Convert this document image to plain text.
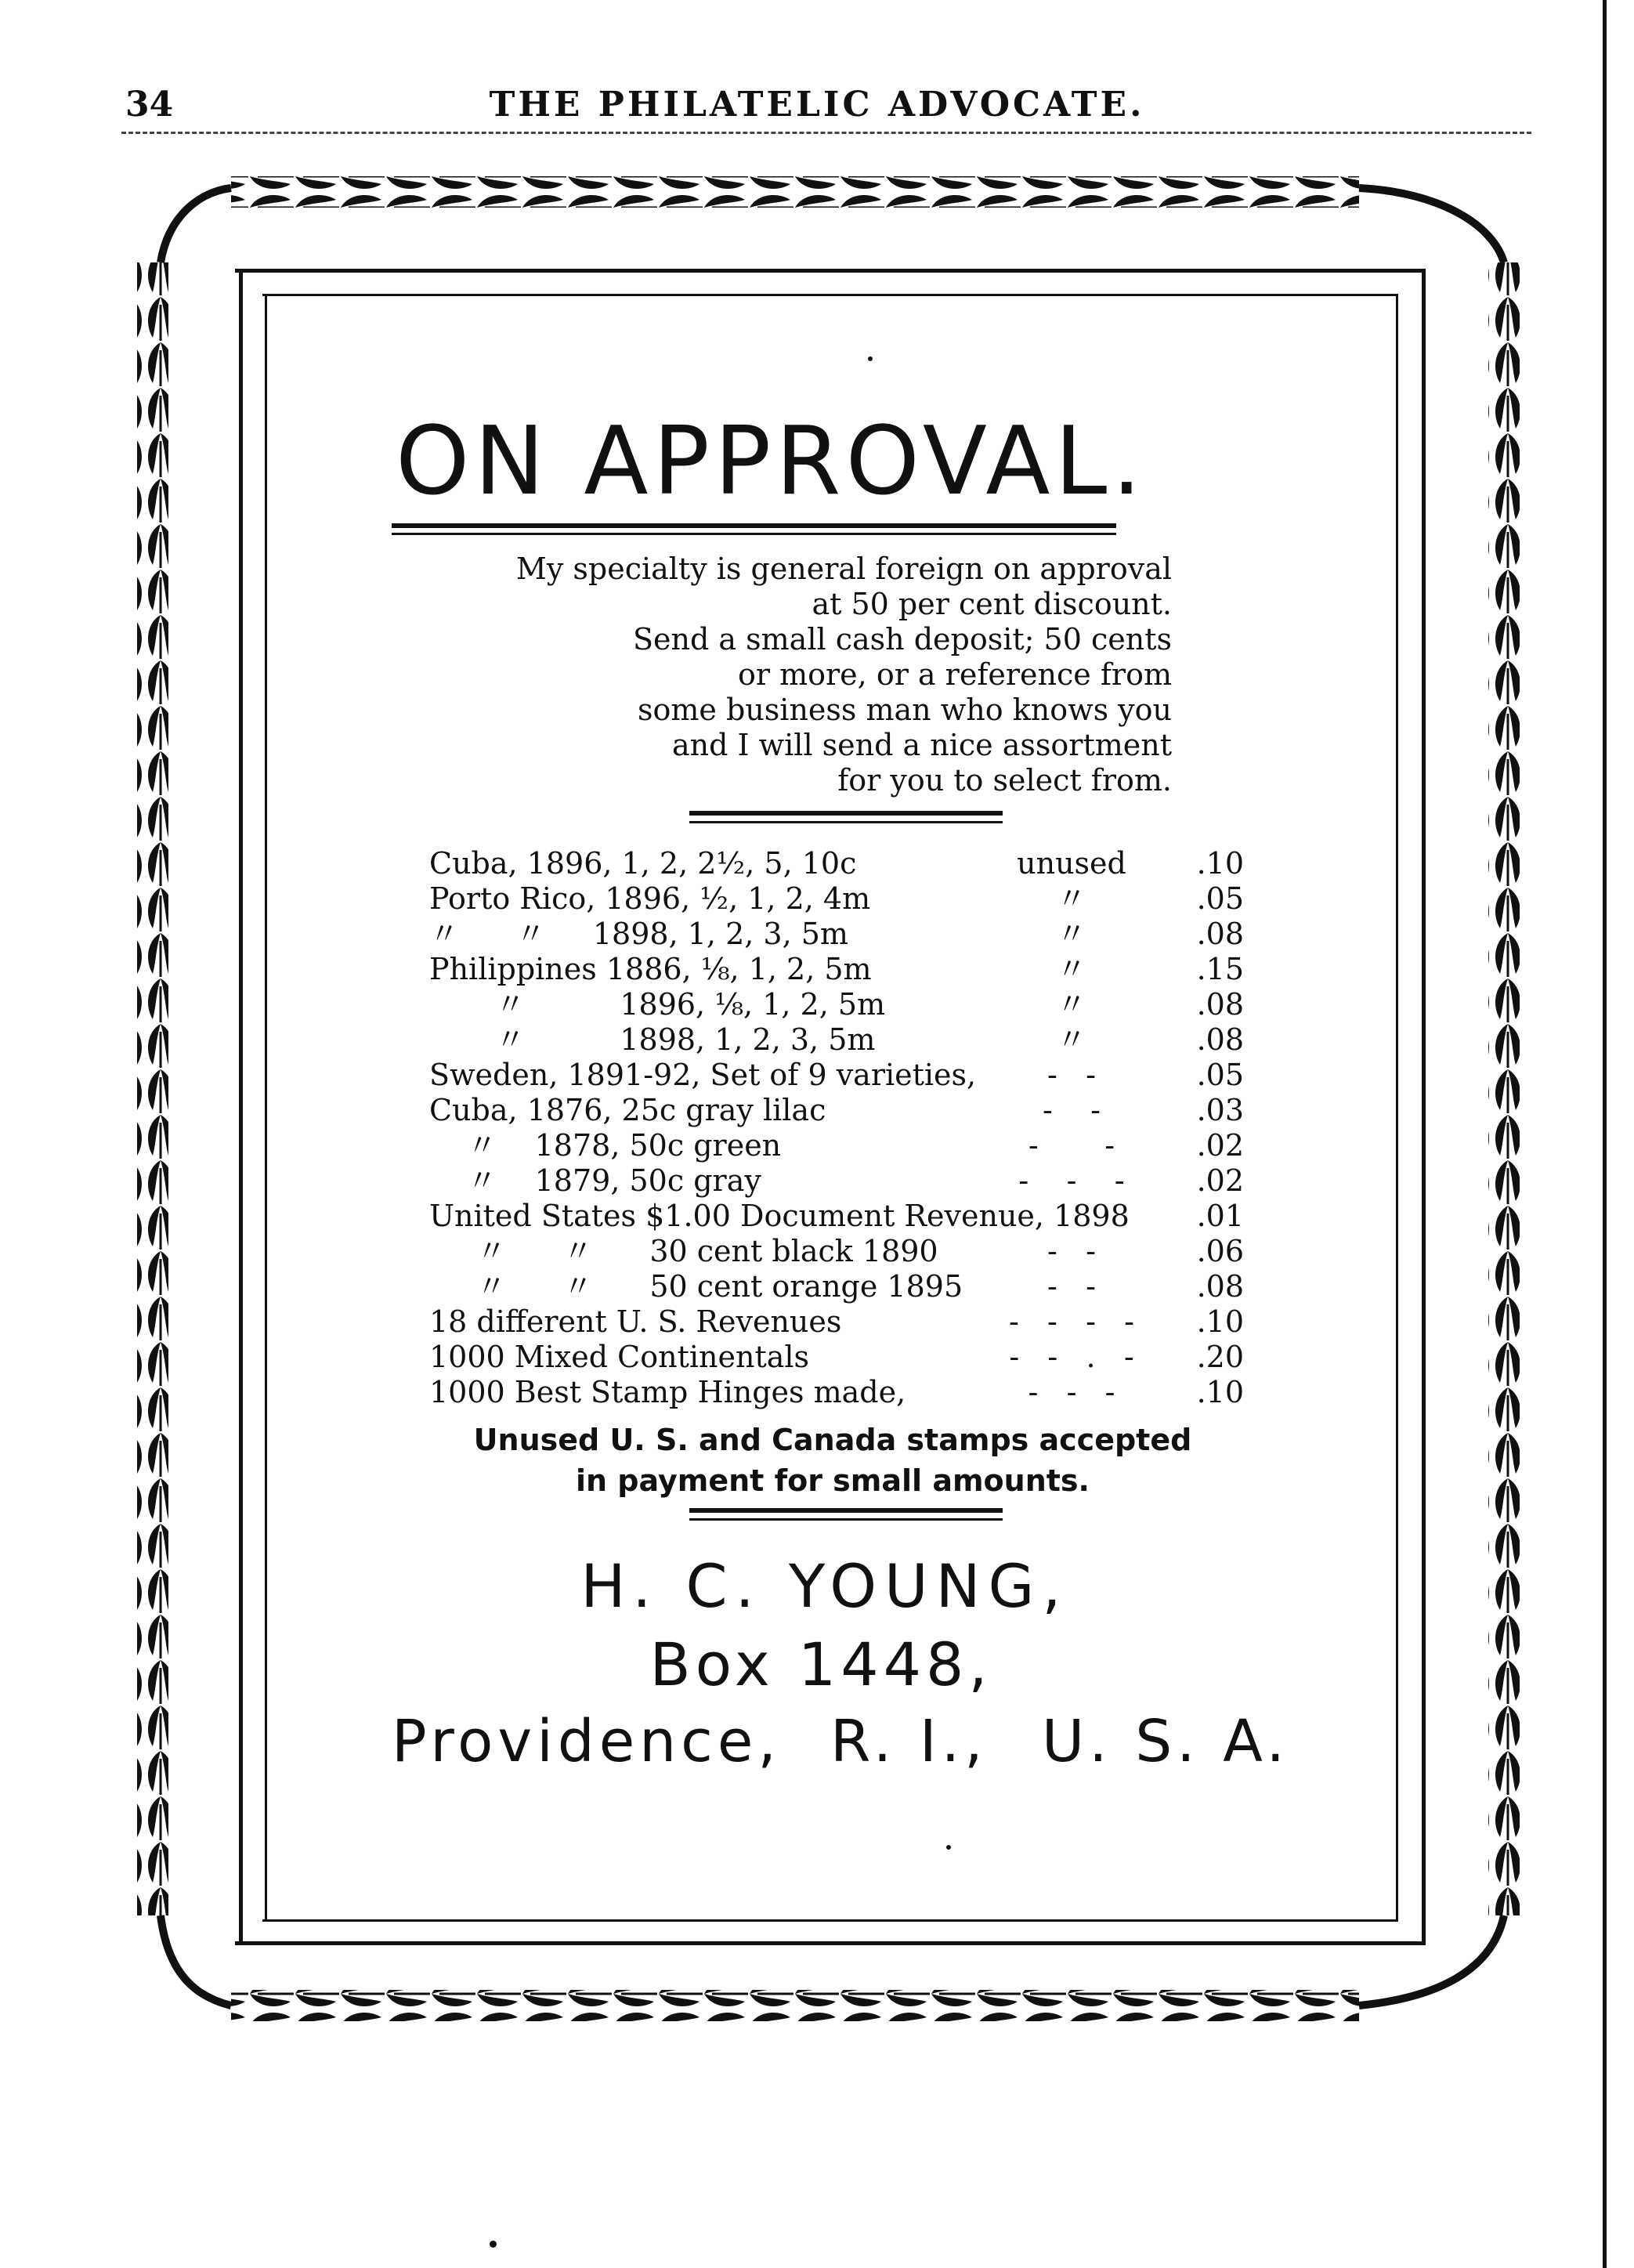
34	THE PHILATELIC ADVOCATE.
ON APPROVAL.
My specialty is general foreign on approval
at 50 per cent discount.
Send a small cash deposit; 50 cents
or more, or a reference from
some business man who knows you
and I will send a nice assortment
for you to select from.
Cuba, 1896, 1, 2, 2½, 5, 10c	unused	.10
Porto Rico, 1896, ½, 1, 2, 4m	〃	.05
〃      〃     1898, 1, 2, 3, 5m	〃	.08
Philippines 1886, ⅛, 1, 2, 5m	〃	.15
〃          1896, ⅛, 1, 2, 5m	〃	.08
〃          1898, 1, 2, 3, 5m	〃	.08
Sweden, 1891-92, Set of 9 varieties,	-   -	.05
Cuba, 1876, 25c gray lilac	-    -	.03
〃    1878, 50c green	-       -	.02
〃    1879, 50c gray	-    -    -	.02
United States $1.00 Document Revenue, 1898 .01
〃      〃      30 cent black 1890	-   -	.06
〃      〃      50 cent orange 1895	-   -	.08
18 different U. S. Revenues	-   -   -   -	.10
1000 Mixed Continentals	-   -   .   -	.20
1000 Best Stamp Hinges made,	-   -   -	.10
Unused U. S. and Canada stamps accepted
in payment for small amounts.
H. C. YOUNG,
Box 1448,
Providence, R. I., U. S. A.
